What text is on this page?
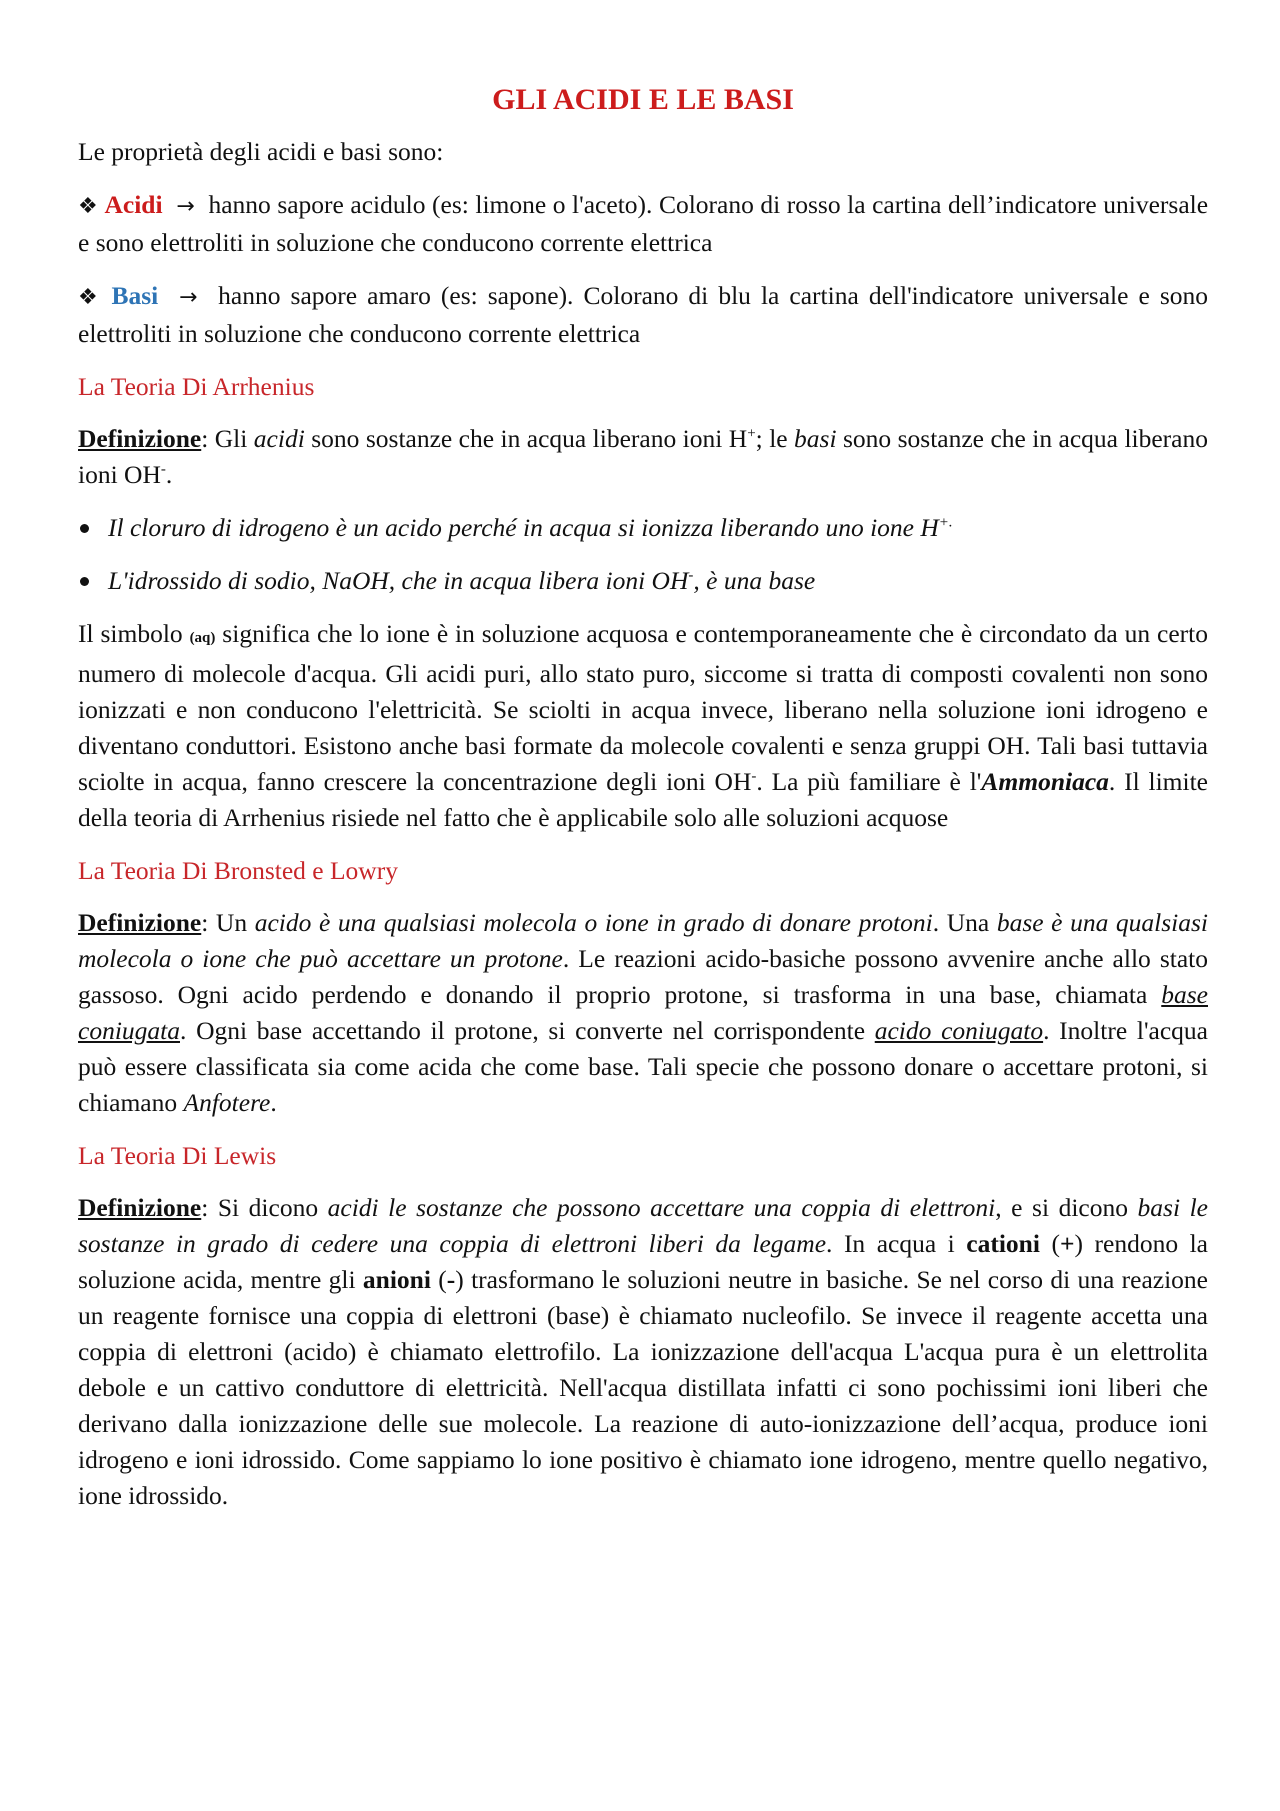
GLI ACIDI E LE BASI

Le proprietà degli acidi e basi sono:

❖ Acidi  →  hanno sapore acidulo (es: limone o l'aceto). Colorano di rosso la cartina dell’indicatore universale e sono elettroliti in soluzione che conducono corrente elettrica

❖ Basi  →  hanno sapore amaro (es: sapone). Colorano di blu la cartina dell'indicatore universale e sono elettroliti in soluzione che conducono corrente elettrica

La Teoria Di Arrhenius

Definizione: Gli acidi sono sostanze che in acqua liberano ioni H+; le basi sono sostanze che in acqua liberano ioni OH-.

Il cloruro di idrogeno è un acido perché in acqua si ionizza liberando uno ione H+.
L'idrossido di sodio, NaOH, che in acqua libera ioni OH-, è una base

Il simbolo (aq) significa che lo ione è in soluzione acquosa e contemporaneamente che è circondato da un certo numero di molecole d'acqua. Gli acidi puri, allo stato puro, siccome si tratta di composti covalenti non sono ionizzati e non conducono l'elettricità. Se sciolti in acqua invece, liberano nella soluzione ioni idrogeno e diventano conduttori. Esistono anche basi formate da molecole covalenti e senza gruppi OH. Tali basi tuttavia sciolte in acqua, fanno crescere la concentrazione degli ioni OH-. La più familiare è l'Ammoniaca. Il limite della teoria di Arrhenius risiede nel fatto che è applicabile solo alle soluzioni acquose

La Teoria Di Bronsted e Lowry

Definizione: Un acido è una qualsiasi molecola o ione in grado di donare protoni. Una base è una qualsiasi molecola o ione che può accettare un protone. Le reazioni acido-basiche possono avvenire anche allo stato gassoso. Ogni acido perdendo e donando il proprio protone, si trasforma in una base, chiamata base coniugata. Ogni base accettando il protone, si converte nel corrispondente acido coniugato. Inoltre l'acqua può essere classificata sia come acida che come base. Tali specie che possono donare o accettare protoni, si chiamano Anfotere.

La Teoria Di Lewis

Definizione: Si dicono acidi le sostanze che possono accettare una coppia di elettroni, e si dicono basi le sostanze in grado di cedere una coppia di elettroni liberi da legame. In acqua i cationi (+) rendono la soluzione acida, mentre gli anioni (-) trasformano le soluzioni neutre in basiche. Se nel corso di una reazione un reagente fornisce una coppia di elettroni (base) è chiamato nucleofilo. Se invece il reagente accetta una coppia di elettroni (acido) è chiamato elettrofilo. La ionizzazione dell'acqua L'acqua pura è un elettrolita debole e un cattivo conduttore di elettricità. Nell'acqua distillata infatti ci sono pochissimi ioni liberi che derivano dalla ionizzazione delle sue molecole. La reazione di auto-ionizzazione dell’acqua, produce ioni idrogeno e ioni idrossido. Come sappiamo lo ione positivo è chiamato ione idrogeno, mentre quello negativo, ione idrossido.
